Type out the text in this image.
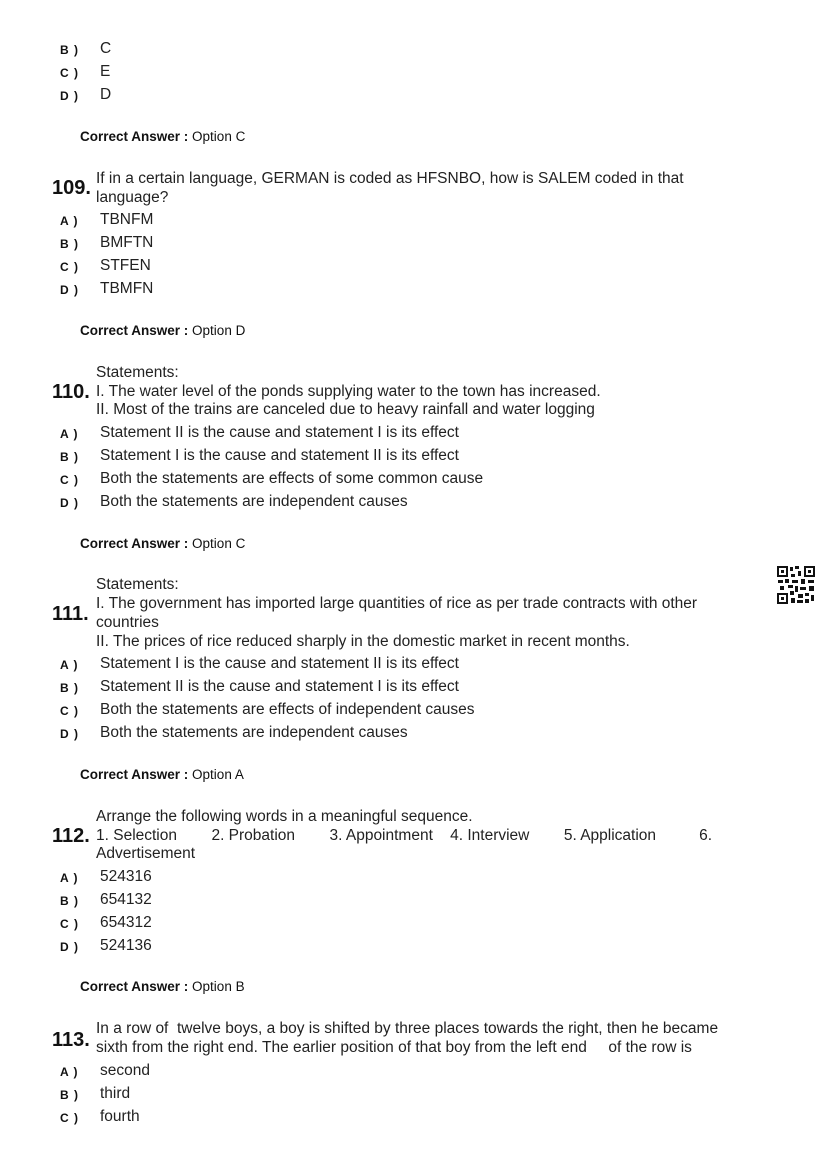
B ) C
C ) E
D ) D
Correct Answer : Option C
109. If in a certain language, GERMAN is coded as HFSNBO, how is SALEM coded in that
language?
A ) TBNFM
B ) BMFTN
C ) STFEN
D ) TBMFN
Correct Answer : Option D
110.
Statements:
I. The water level of the ponds supplying water to the town has increased.
II. Most of the trains are canceled due to heavy rainfall and water logging
A ) Statement II is the cause and statement I is its effect
B ) Statement I is the cause and statement II is its effect
C ) Both the statements are effects of some common cause
D ) Both the statements are independent causes
Correct Answer : Option C
111.
Statements:
I. The government has imported large quantities of rice as per trade contracts with other
countries
II. The prices of rice reduced sharply in the domestic market in recent months.
A ) Statement I is the cause and statement II is its effect
B ) Statement II is the cause and statement I is its effect
C ) Both the statements are effects of independent causes
D ) Both the statements are independent causes
Correct Answer : Option A
112.
Arrange the following words in a meaningful sequence.
1. Selection        2. Probation        3. Appointment    4. Interview        5. Application          6.
Advertisement
A ) 524316
B ) 654132
C ) 654312
D ) 524136
Correct Answer : Option B
113.
In a row of  twelve boys, a boy is shifted by three places towards the right, then he became
sixth from the right end. The earlier position of that boy from the left end     of the row is
A ) second
B ) third
C ) fourth
